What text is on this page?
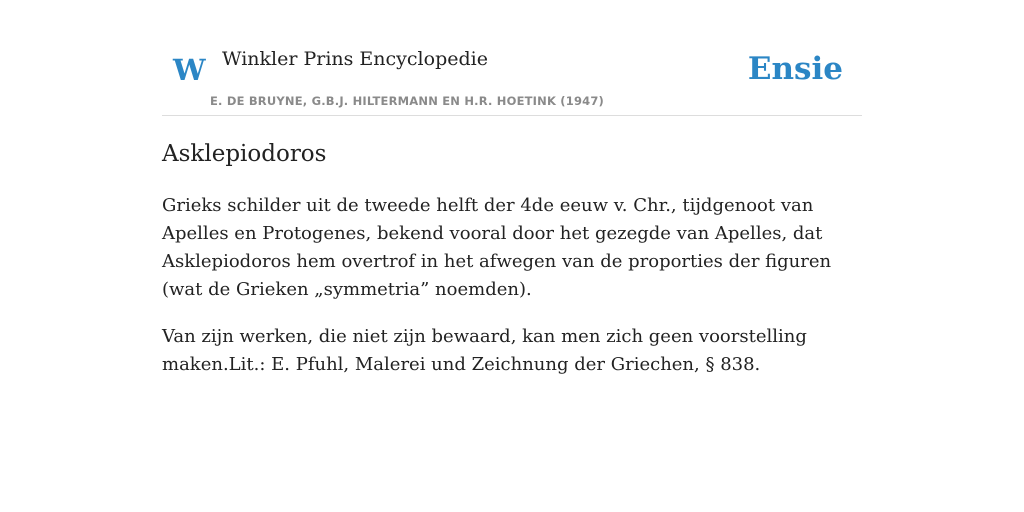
W Winkler Prins Encyclopedie
E. DE BRUYNE, G.B.J. HILTERMANN EN H.R. HOETINK (1947)
Ensie
Asklepiodoros

Grieks schilder uit de tweede helft der 4de eeuw v. Chr., tijdgenoot van Apelles en Protogenes, bekend vooral door het gezegde van Apelles, dat Asklepiodoros hem overtrof in het afwegen van de proporties der figuren (wat de Grieken „symmetria” noemden).

Van zijn werken, die niet zijn bewaard, kan men zich geen voorstelling maken.Lit.: E. Pfuhl, Malerei und Zeichnung der Griechen, § 838.
